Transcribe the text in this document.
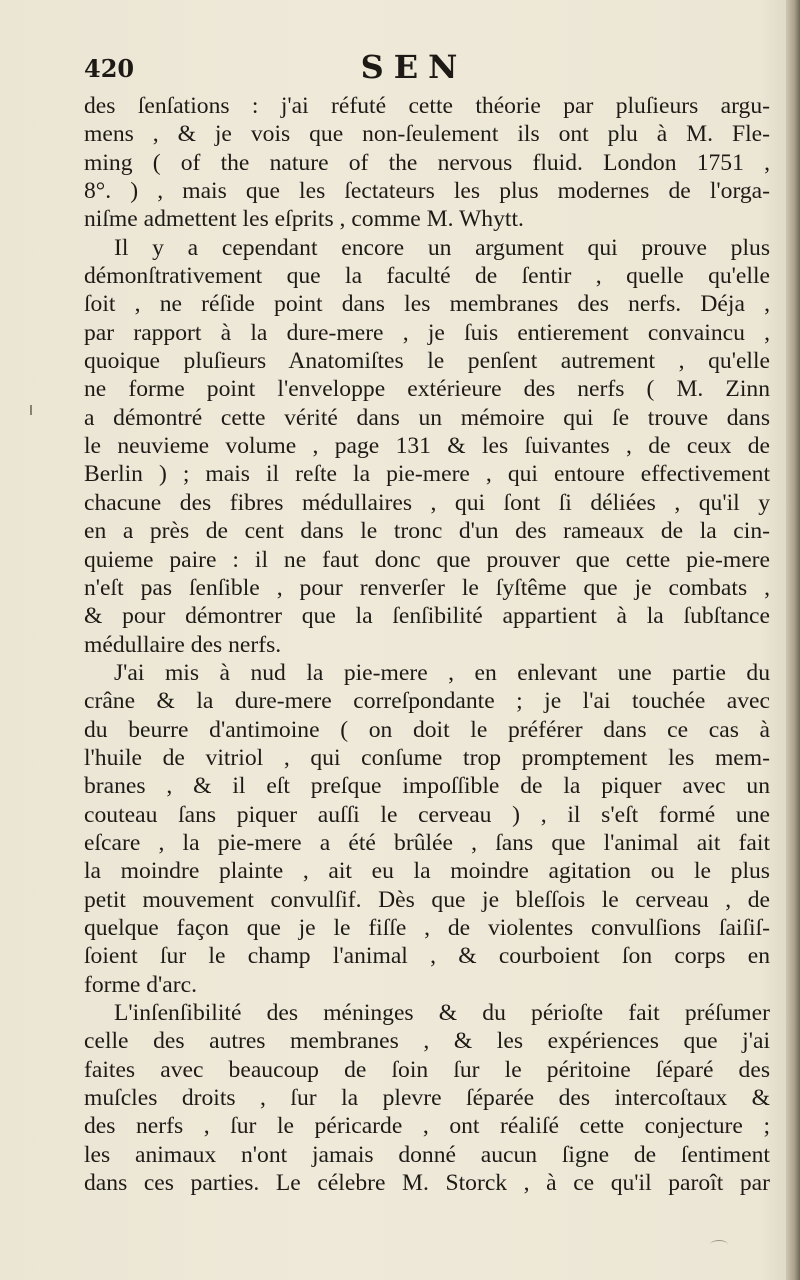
420	SEN
des ſenſations : j'ai réfuté cette théorie par pluſieurs argu-
mens , & je vois que non-ſeulement ils ont plu à M. Fle-
ming ( of the nature of the nervous fluid. London 1751 ,
8°. ) , mais que les ſectateurs les plus modernes de l'orga-
niſme admettent les eſprits , comme M. Whytt.
Il y a cependant encore un argument qui prouve plus
démonſtrativement que la faculté de ſentir , quelle qu'elle
ſoit , ne réſide point dans les membranes des nerfs. Déja ,
par rapport à la dure-mere , je ſuis entierement convaincu ,
quoique pluſieurs Anatomiſtes le penſent autrement , qu'elle
ne forme point l'enveloppe extérieure des nerfs ( M. Zinn
a démontré cette vérité dans un mémoire qui ſe trouve dans
le neuvieme volume , page 131 & les ſuivantes , de ceux de
Berlin ) ; mais il reſte la pie-mere , qui entoure effectivement
chacune des fibres médullaires , qui ſont ſi déliées , qu'il y
en a près de cent dans le tronc d'un des rameaux de la cin-
quieme paire : il ne faut donc que prouver que cette pie-mere
n'eſt pas ſenſible , pour renverſer le ſyſtême que je combats ,
& pour démontrer que la ſenſibilité appartient à la ſubſtance
médullaire des nerfs.
J'ai mis à nud la pie-mere , en enlevant une partie du
crâne & la dure-mere correſpondante ; je l'ai touchée avec
du beurre d'antimoine ( on doit le préférer dans ce cas à
l'huile de vitriol , qui conſume trop promptement les mem-
branes , & il eſt preſque impoſſible de la piquer avec un
couteau ſans piquer auſſi le cerveau ) , il s'eſt formé une
eſcare , la pie-mere a été brûlée , ſans que l'animal ait fait
la moindre plainte , ait eu la moindre agitation ou le plus
petit mouvement convulſif. Dès que je bleſſois le cerveau , de
quelque façon que je le fiſſe , de violentes convulſions ſaiſiſ-
ſoient ſur le champ l'animal , & courboient ſon corps en
forme d'arc.
L'inſenſibilité des méninges & du périoſte fait préſumer
celle des autres membranes , & les expériences que j'ai
faites avec beaucoup de ſoin ſur le péritoine ſéparé des
muſcles droits , ſur la plevre ſéparée des intercoſtaux &
des nerfs , ſur le péricarde , ont réaliſé cette conjecture ;
les animaux n'ont jamais donné aucun ſigne de ſentiment
dans ces parties. Le célebre M. Storck , à ce qu'il paroît par
